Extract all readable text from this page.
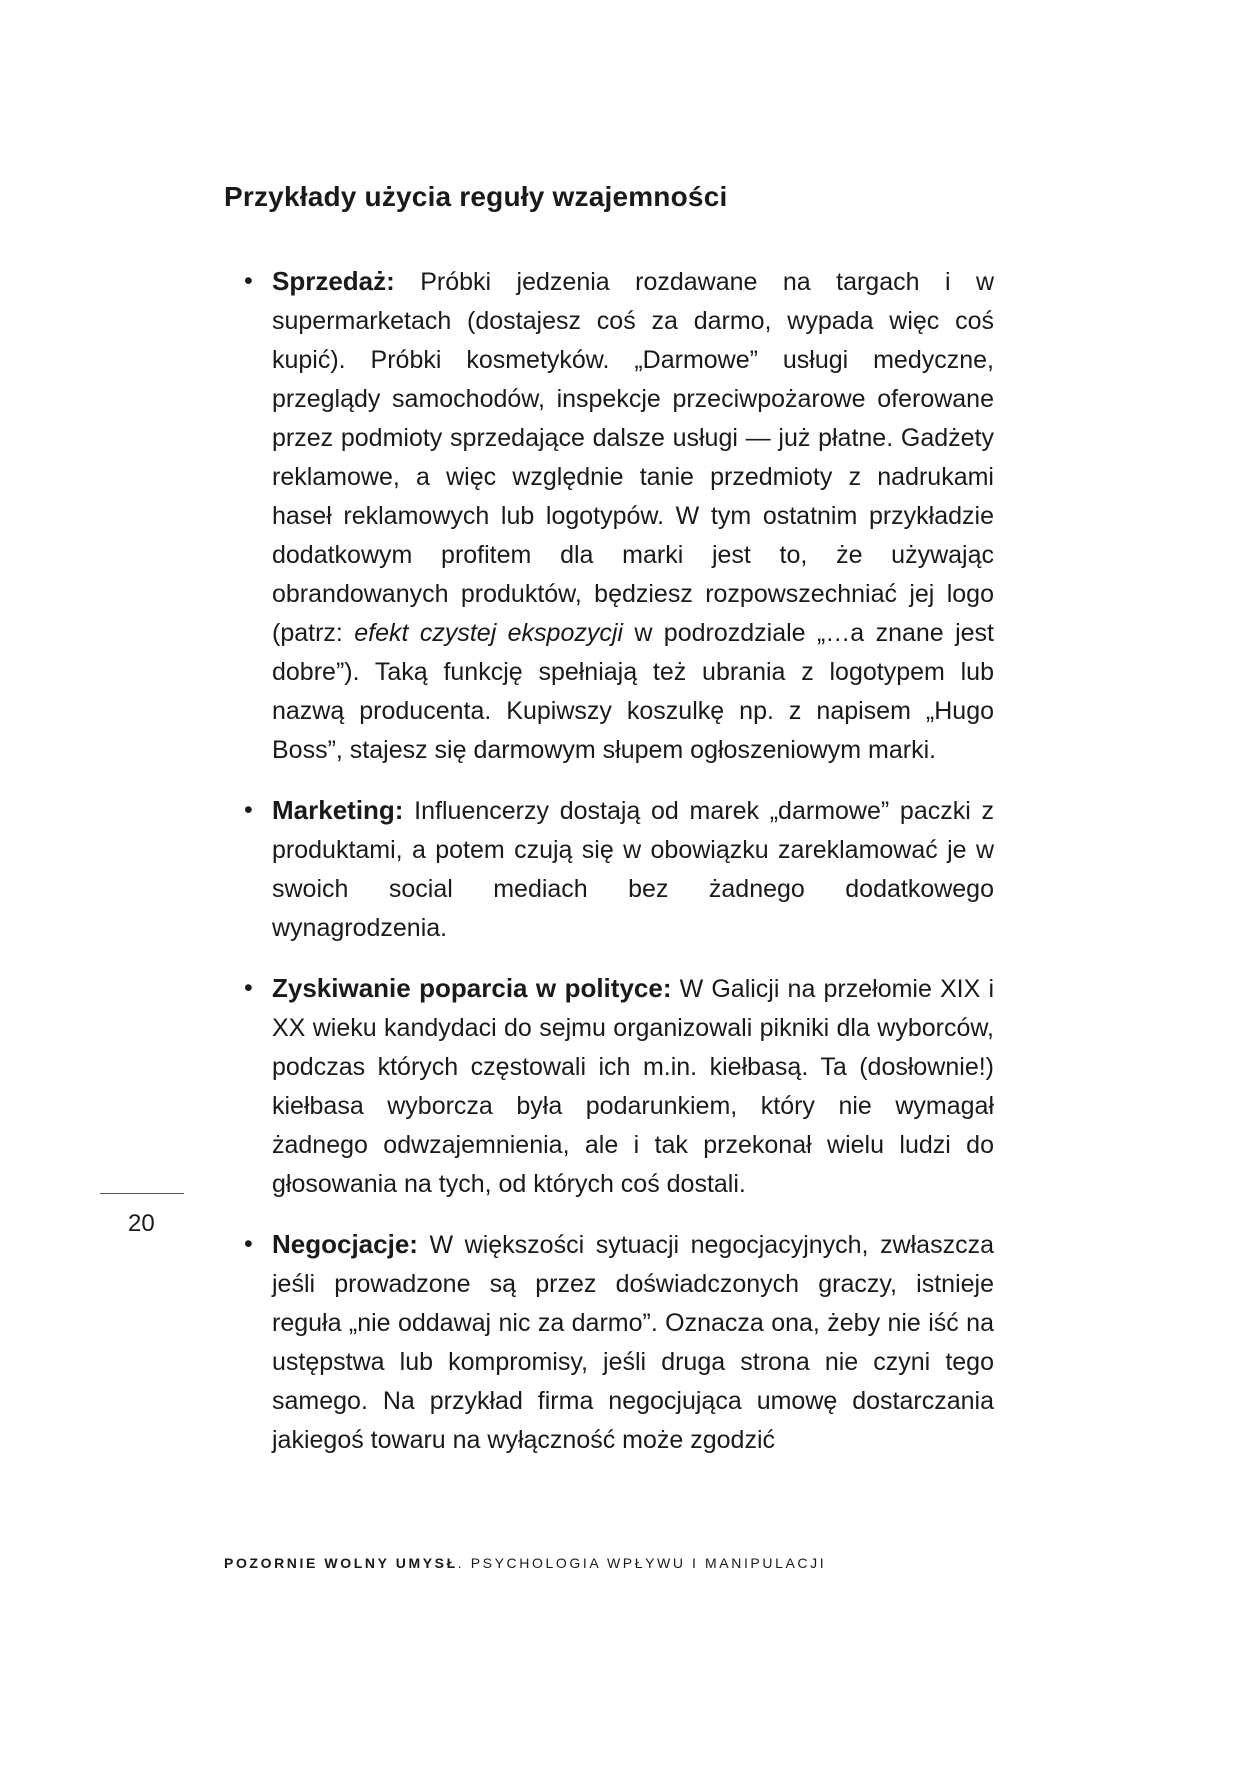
Przykłady użycia reguły wzajemności
• Sprzedaż: Próbki jedzenia rozdawane na targach i w supermarketach (dostajesz coś za darmo, wypada więc coś kupić). Próbki kosmetyków. „Darmowe” usługi medyczne, przeglądy samochodów, inspekcje przeciwpożarowe oferowane przez podmioty sprzedające dalsze usługi — już płatne. Gadżety reklamowe, a więc względnie tanie przedmioty z nadrukami haseł reklamowych lub logotypów. W tym ostatnim przykładzie dodatkowym profitem dla marki jest to, że używając obrandowanych produktów, będziesz rozpowszechniać jej logo (patrz: efekt czystej ekspozycji w podrozdziale „…a znane jest dobre”). Taką funkcję spełniają też ubrania z logotypem lub nazwą producenta. Kupiwszy koszulkę np. z napisem „Hugo Boss”, stajesz się darmowym słupem ogłoszeniowym marki.
• Marketing: Influencerzy dostają od marek „darmowe” paczki z produktami, a potem czują się w obowiązku zareklamować je w swoich social mediach bez żadnego dodatkowego wynagrodzenia.
• Zyskiwanie poparcia w polityce: W Galicji na przełomie XIX i XX wieku kandydaci do sejmu organizowali pikniki dla wyborców, podczas których częstowali ich m.in. kiełbasą. Ta (dosłownie!) kiełbasa wyborcza była podarunkiem, który nie wymagał żadnego odwzajemnienia, ale i tak przekonał wielu ludzi do głosowania na tych, od których coś dostali.
• Negocjacje: W większości sytuacji negocjacyjnych, zwłaszcza jeśli prowadzone są przez doświadczonych graczy, istnieje reguła „nie oddawaj nic za darmo”. Oznacza ona, żeby nie iść na ustępstwa lub kompromisy, jeśli druga strona nie czyni tego samego. Na przykład firma negocjująca umowę dostarczania jakiegoś towaru na wyłączność może zgodzić
20
POZORNIE WOLNY UMYSŁ. PSYCHOLOGIA WPŁYWU I MANIPULACJI
